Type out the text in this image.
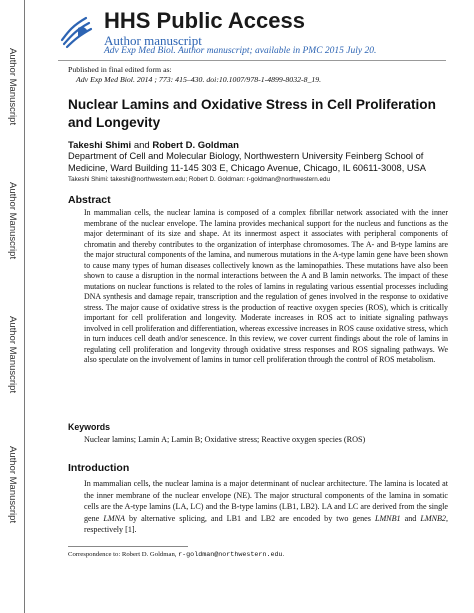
Author Manuscript
Author Manuscript
Author Manuscript
Author Manuscript
HHS Public Access
Author manuscript
Adv Exp Med Biol. Author manuscript; available in PMC 2015 July 20.
Published in final edited form as:
Adv Exp Med Biol. 2014 ; 773: 415–430. doi:10.1007/978-1-4899-8032-8_19.
Nuclear Lamins and Oxidative Stress in Cell Proliferation and Longevity
Takeshi Shimi and Robert D. Goldman
Department of Cell and Molecular Biology, Northwestern University Feinberg School of Medicine, Ward Building 11-145 303 E, Chicago Avenue, Chicago, IL 60611-3008, USA
Takeshi Shimi: takeshi@northwestern.edu; Robert D. Goldman: r-goldman@northwestern.edu
Abstract
In mammalian cells, the nuclear lamina is composed of a complex fibrillar network associated with the inner membrane of the nuclear envelope. The lamina provides mechanical support for the nucleus and functions as the major determinant of its size and shape. At its innermost aspect it associates with peripheral components of chromatin and thereby contributes to the organization of interphase chromosomes. The A- and B-type lamins are the major structural components of the lamina, and numerous mutations in the A-type lamin gene have been shown to cause many types of human diseases collectively known as the laminopathies. These mutations have also been shown to cause a disruption in the normal interactions between the A and B lamin networks. The impact of these mutations on nuclear functions is related to the roles of lamins in regulating various essential processes including DNA synthesis and damage repair, transcription and the regulation of genes involved in the response to oxidative stress. The major cause of oxidative stress is the production of reactive oxygen species (ROS), which is critically important for cell proliferation and longevity. Moderate increases in ROS act to initiate signaling pathways involved in cell proliferation and differentiation, whereas excessive increases in ROS cause oxidative stress, which in turn induces cell death and/or senescence. In this review, we cover current findings about the role of lamins in regulating cell proliferation and longevity through oxidative stress responses and ROS signaling pathways. We also speculate on the involvement of lamins in tumor cell proliferation through the control of ROS metabolism.
Keywords
Nuclear lamins; Lamin A; Lamin B; Oxidative stress; Reactive oxygen species (ROS)
Introduction
In mammalian cells, the nuclear lamina is a major determinant of nuclear architecture. The lamina is located at the inner membrane of the nuclear envelope (NE). The major structural components of the lamina in somatic cells are the A-type lamins (LA, LC) and the B-type lamins (LB1, LB2). LA and LC are derived from the single gene LMNA by alternative splicing, and LB1 and LB2 are encoded by two genes LMNB1 and LMNB2, respectively [1].
Correspondence to: Robert D. Goldman, r-goldman@northwestern.edu.
